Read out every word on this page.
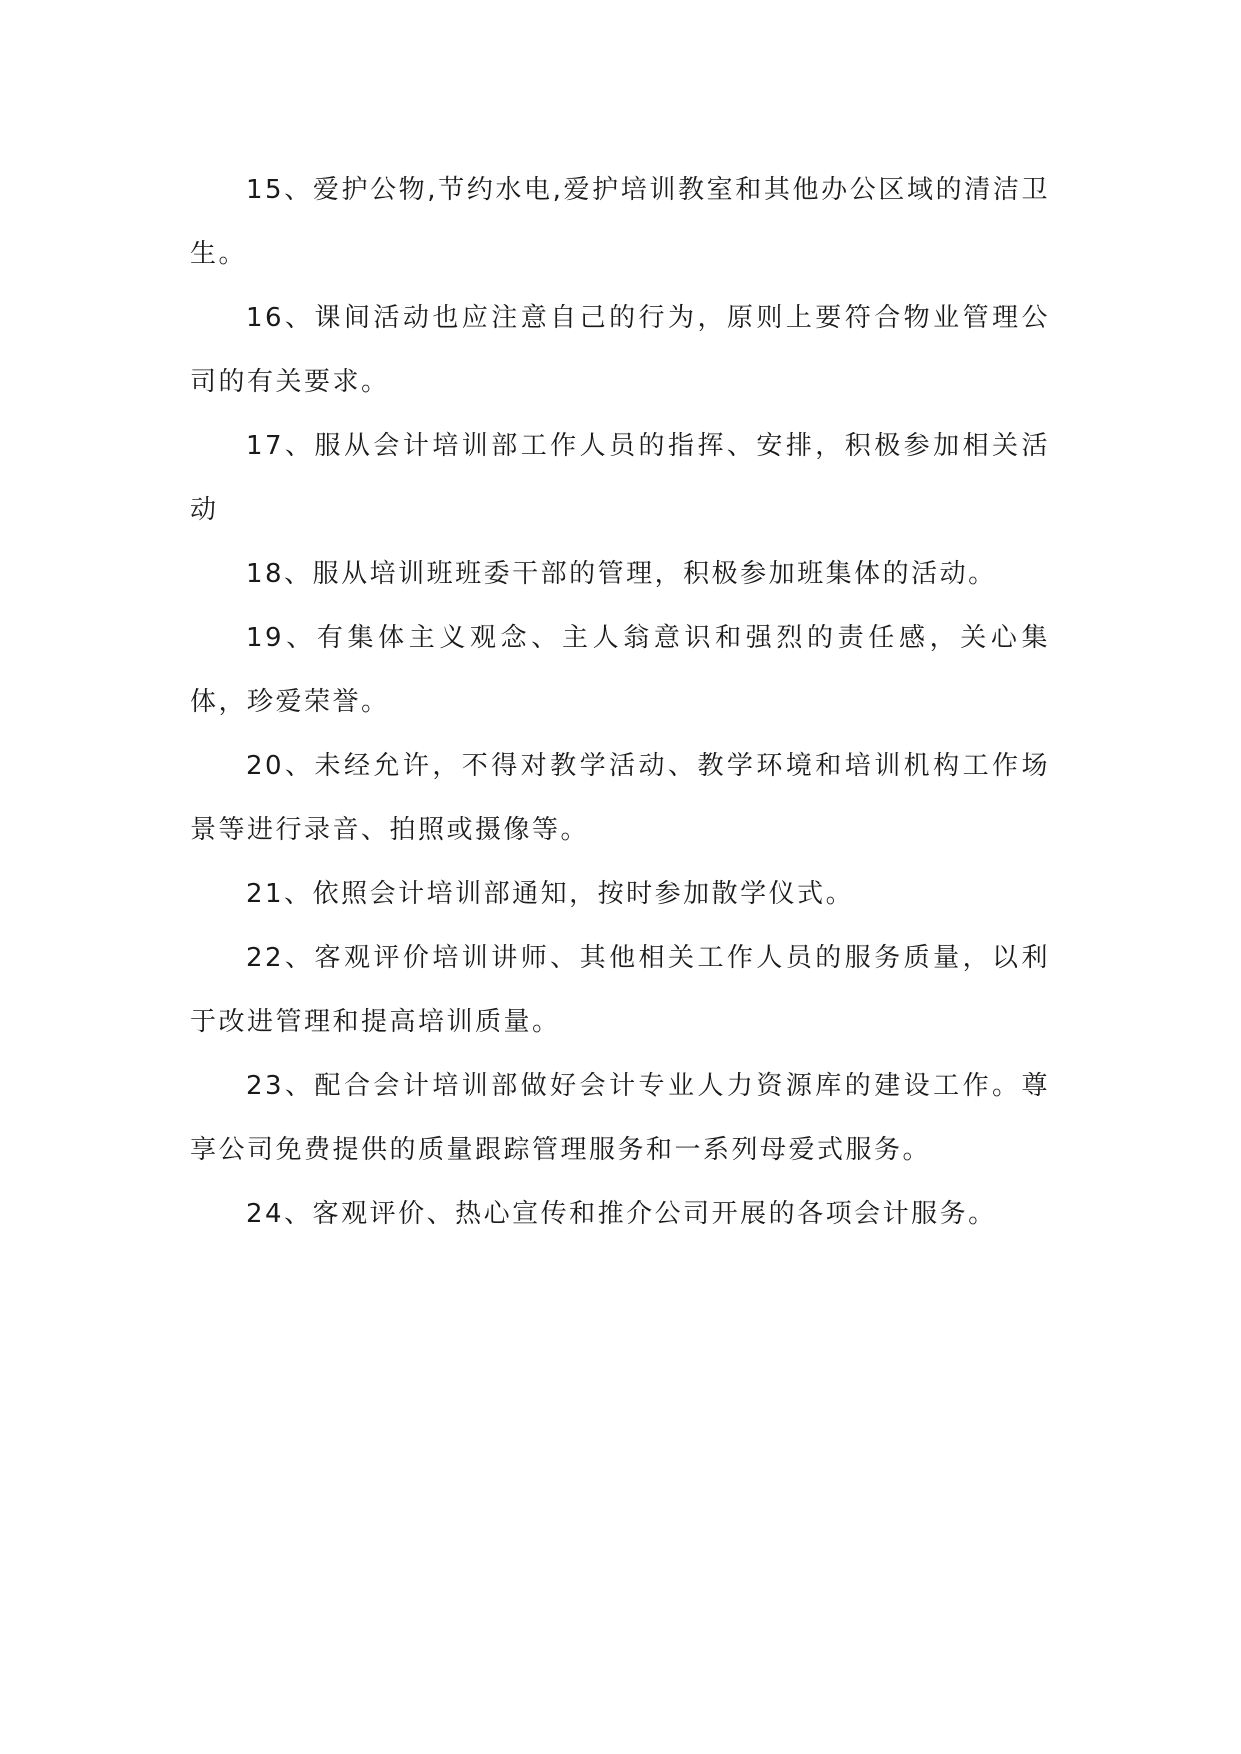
15、爱护公物,节约水电,爱护培训教室和其他办公区域的清洁卫生。

16、课间活动也应注意自己的行为，原则上要符合物业管理公司的有关要求。

17、服从会计培训部工作人员的指挥、安排，积极参加相关活动

18、服从培训班班委干部的管理，积极参加班集体的活动。

19、有集体主义观念、主人翁意识和强烈的责任感，关心集体，珍爱荣誉。

20、未经允许，不得对教学活动、教学环境和培训机构工作场景等进行录音、拍照或摄像等。

21、依照会计培训部通知，按时参加散学仪式。

22、客观评价培训讲师、其他相关工作人员的服务质量，以利于改进管理和提高培训质量。

23、配合会计培训部做好会计专业人力资源库的建设工作。尊享公司免费提供的质量跟踪管理服务和一系列母爱式服务。

24、客观评价、热心宣传和推介公司开展的各项会计服务。
